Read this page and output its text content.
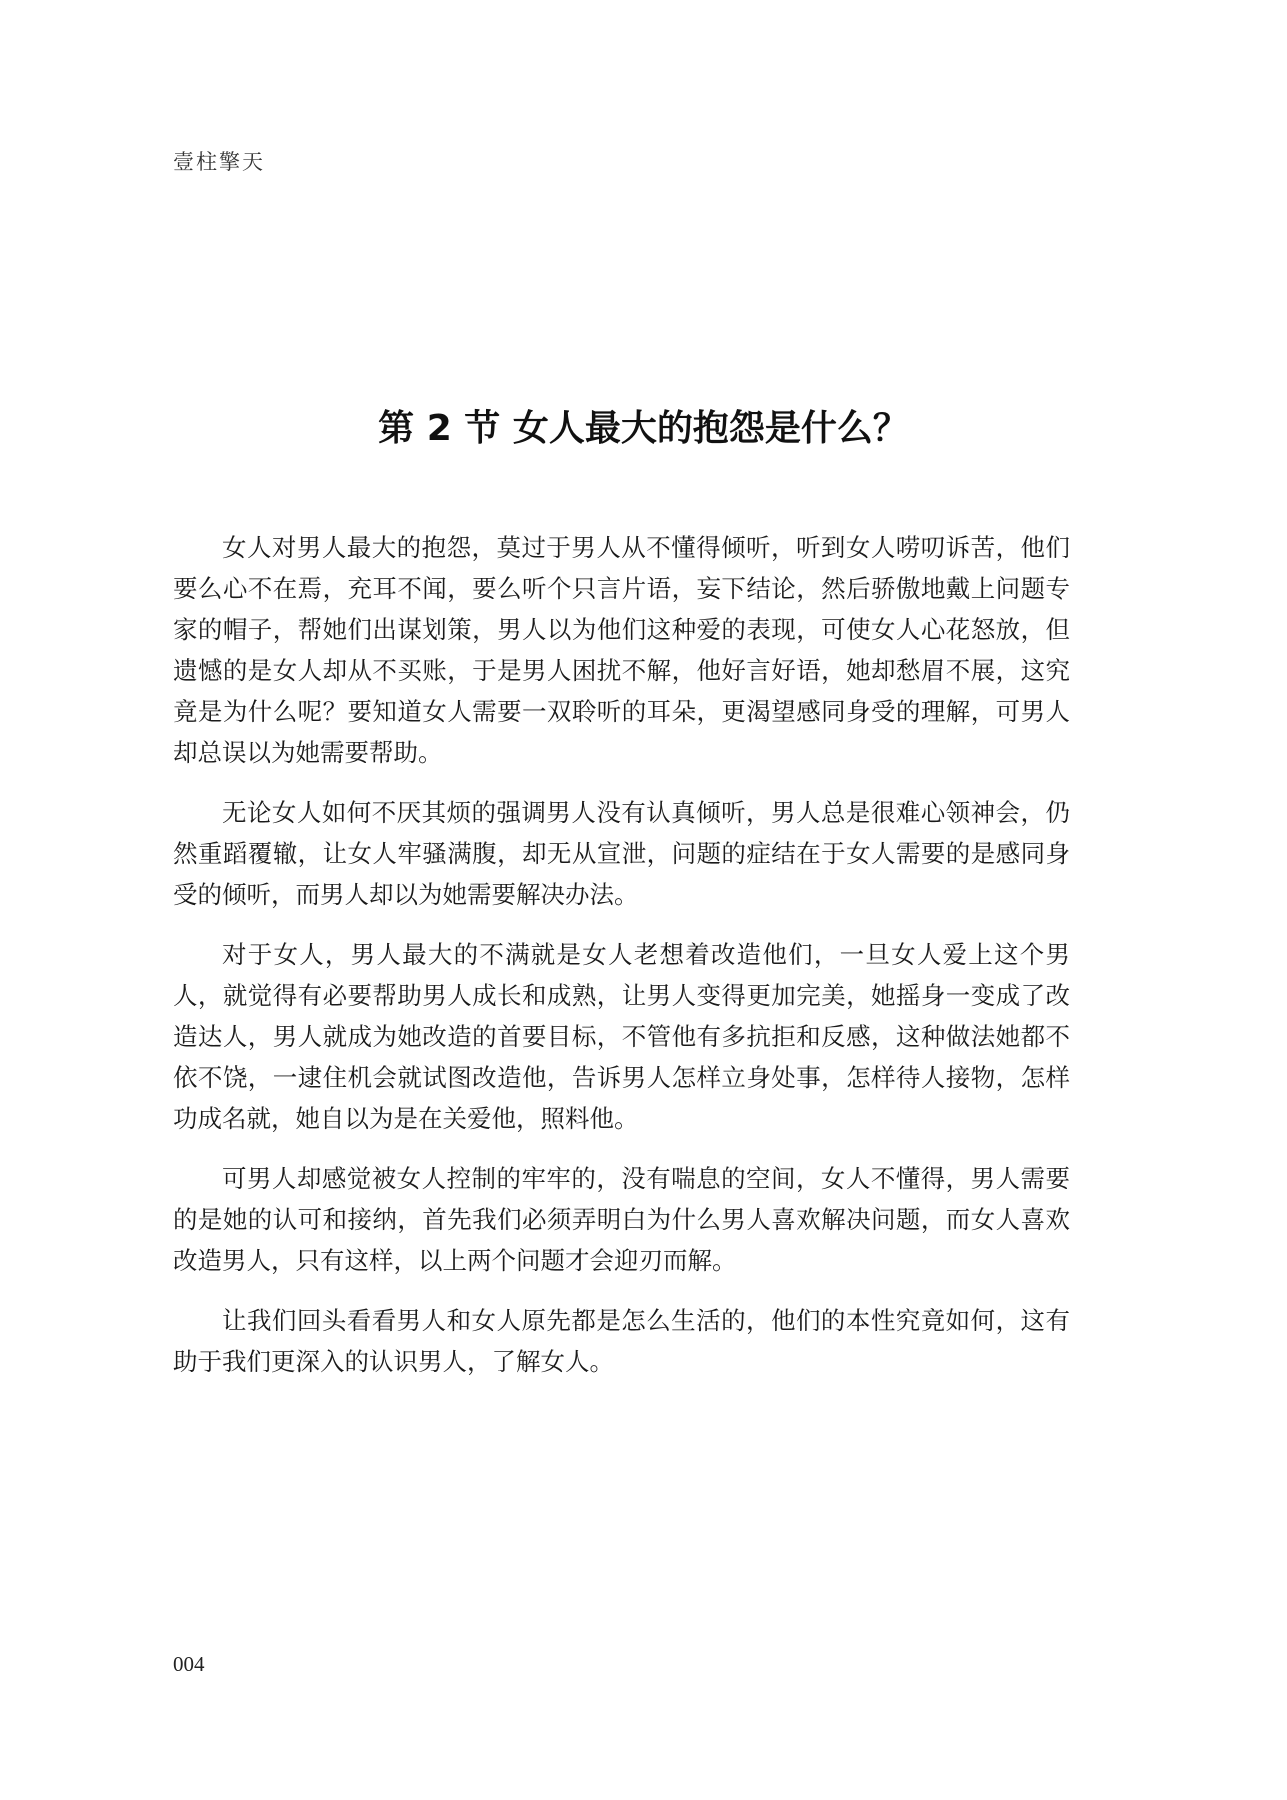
壹柱擎天
第 2 节 女人最大的抱怨是什么？

女人对男人最大的抱怨，莫过于男人从不懂得倾听，听到女人唠叨诉苦，他们要么心不在焉，充耳不闻，要么听个只言片语，妄下结论，然后骄傲地戴上问题专家的帽子，帮她们出谋划策，男人以为他们这种爱的表现，可使女人心花怒放，但遗憾的是女人却从不买账，于是男人困扰不解，他好言好语，她却愁眉不展，这究竟是为什么呢？要知道女人需要一双聆听的耳朵，更渴望感同身受的理解，可男人却总误以为她需要帮助。

无论女人如何不厌其烦的强调男人没有认真倾听，男人总是很难心领神会，仍然重蹈覆辙，让女人牢骚满腹，却无从宣泄，问题的症结在于女人需要的是感同身受的倾听，而男人却以为她需要解决办法。

对于女人，男人最大的不满就是女人老想着改造他们，一旦女人爱上这个男人，就觉得有必要帮助男人成长和成熟，让男人变得更加完美，她摇身一变成了改造达人，男人就成为她改造的首要目标，不管他有多抗拒和反感，这种做法她都不依不饶，一逮住机会就试图改造他，告诉男人怎样立身处事，怎样待人接物，怎样功成名就，她自以为是在关爱他，照料他。

可男人却感觉被女人控制的牢牢的，没有喘息的空间，女人不懂得，男人需要的是她的认可和接纳，首先我们必须弄明白为什么男人喜欢解决问题，而女人喜欢改造男人，只有这样，以上两个问题才会迎刃而解。

让我们回头看看男人和女人原先都是怎么生活的，他们的本性究竟如何，这有助于我们更深入的认识男人，了解女人。

004
